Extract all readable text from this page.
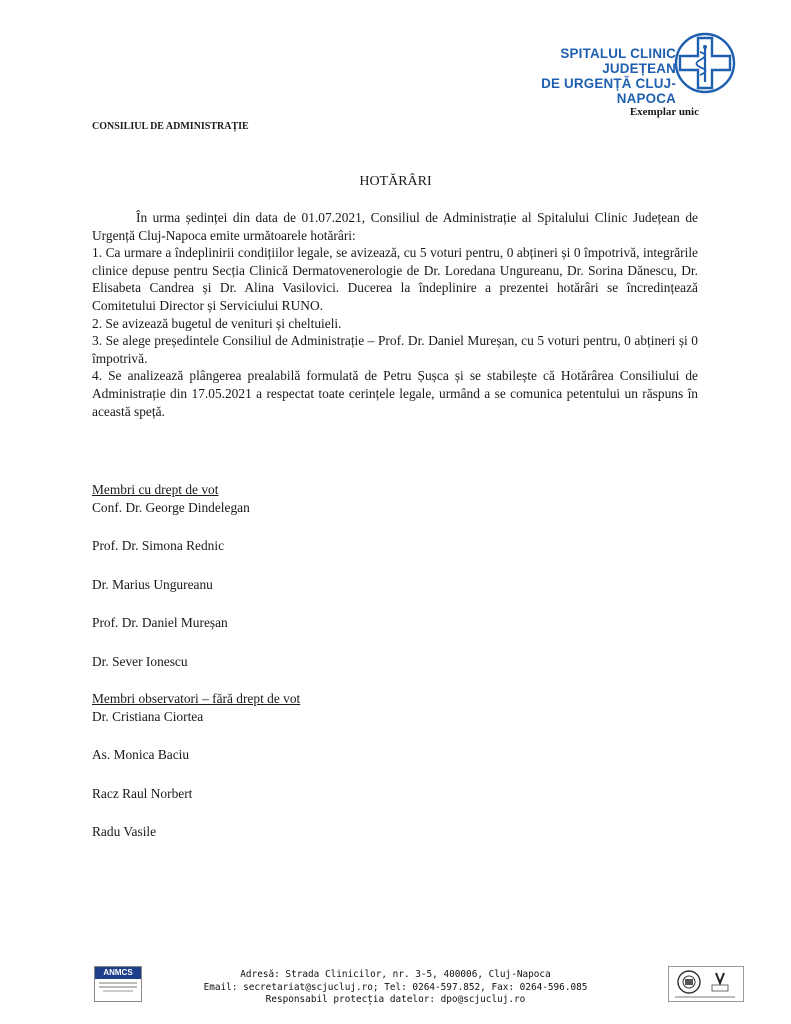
SPITALUL CLINIC JUDEȚEAN
DE URGENȚĂ CLUJ-NAPOCA
Exemplar unic
CONSILIUL DE ADMINISTRAȚIE
HOTĂRÂRI

În urma ședinței din data de 01.07.2021, Consiliul de Administrație al Spitalului Clinic Județean de Urgență Cluj-Napoca emite următoarele hotărâri:

1. Ca urmare a îndeplinirii condițiilor legale, se avizează, cu 5 voturi pentru, 0 abțineri și 0 împotrivă, integrările clinice depuse pentru Secția Clinică Dermatovenerologie de Dr. Loredana Ungureanu, Dr. Sorina Dănescu, Dr. Elisabeta Candrea și Dr. Alina Vasilovici. Ducerea la îndeplinire a prezentei hotărâri se încredințează Comitetului Director și Serviciului RUNO.

2. Se avizează bugetul de venituri și cheltuieli.

3. Se alege președintele Consiliul de Administrație – Prof. Dr. Daniel Mureșan, cu 5 voturi pentru, 0 abțineri și 0 împotrivă.

4. Se analizează plângerea prealabilă formulată de Petru Șușca și se stabilește că Hotărârea Consiliului de Administrație din 17.05.2021 a respectat toate cerințele legale, urmând a se comunica petentului un răspuns în această speță.

Membri cu drept de vot
Conf. Dr. George Dindelegan
Prof. Dr. Simona Rednic
Dr. Marius Ungureanu
Prof. Dr. Daniel Mureșan
Dr. Sever Ionescu
Membri observatori – fără drept de vot
Dr. Cristiana Ciortea
As. Monica Baciu
Racz Raul Norbert
Radu Vasile
ANMCS	Adresă: Strada Clinicilor, nr. 3-5, 400006, Cluj-Napoca
Email: secretariat@scjucluj.ro; Tel: 0264-597.852, Fax: 0264-596.085
Responsabil protecția datelor: dpo@scjucluj.ro
